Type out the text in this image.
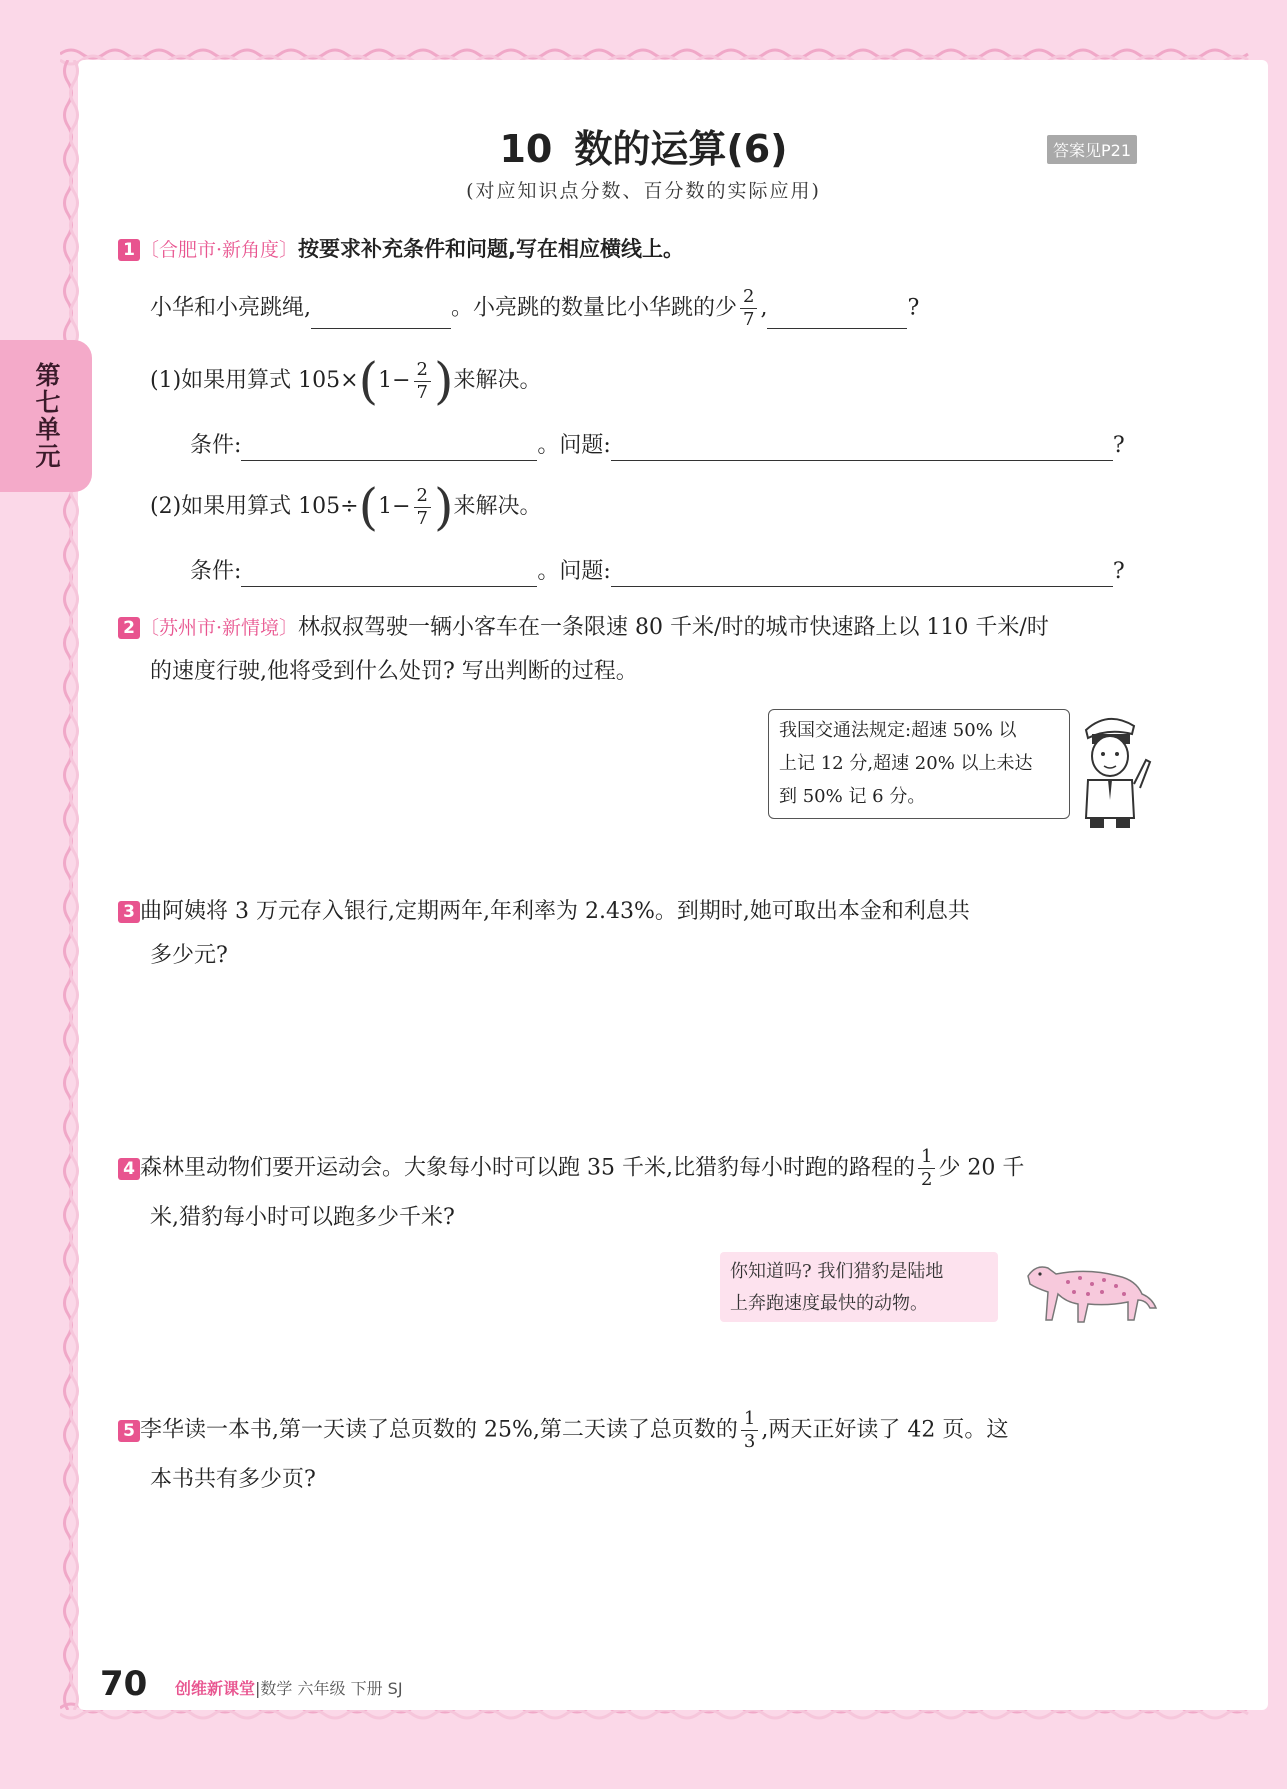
第七单元
10 数的运算(6)	答案见P21
(对应知识点分数、百分数的实际应用)
1 〔合肥市·新角度〕按要求补充条件和问题,写在相应横线上。
小华和小亮跳绳,	。小亮跳的数量比小华跳的少 $\frac{2}{7}$ ,	?
(1)如果用算式 $105\times(1- \frac{2}{7}$ )来解决。
条件:	。问题:	?
(2)如果用算式 $105\div(1- \frac{2}{7}$ )来解决。
条件:	。问题:	?
2 〔苏州市·新情境〕林叔叔驾驶一辆小客车在一条限速 80 千米/时的城市快速路上以 110 千米/时
的速度行驶,他将受到什么处罚? 写出判断的过程。
我国交通法规定:超速 50% 以
上记 12 分,超速 20% 以上未达
到 50% 记 6 分。
3 曲阿姨将 3 万元存入银行,定期两年,年利率为 2.43%。到期时,她可取出本金和利息共
多少元?
4 森林里动物们要开运动会。大象每小时可以跑 35 千米,比猎豹每小时跑的路程的 $\frac{1}{2}$ 少 20 千
米,猎豹每小时可以跑多少千米?
你知道吗? 我们猎豹是陆地
上奔跑速度最快的动物。
5 李华读一本书,第一天读了总页数的 25%,第二天读了总页数的 $\frac{1}{3}$ ,两天正好读了 42 页。这
本书共有多少页?
70 创维新课堂|数学 六年级 下册 SJ
